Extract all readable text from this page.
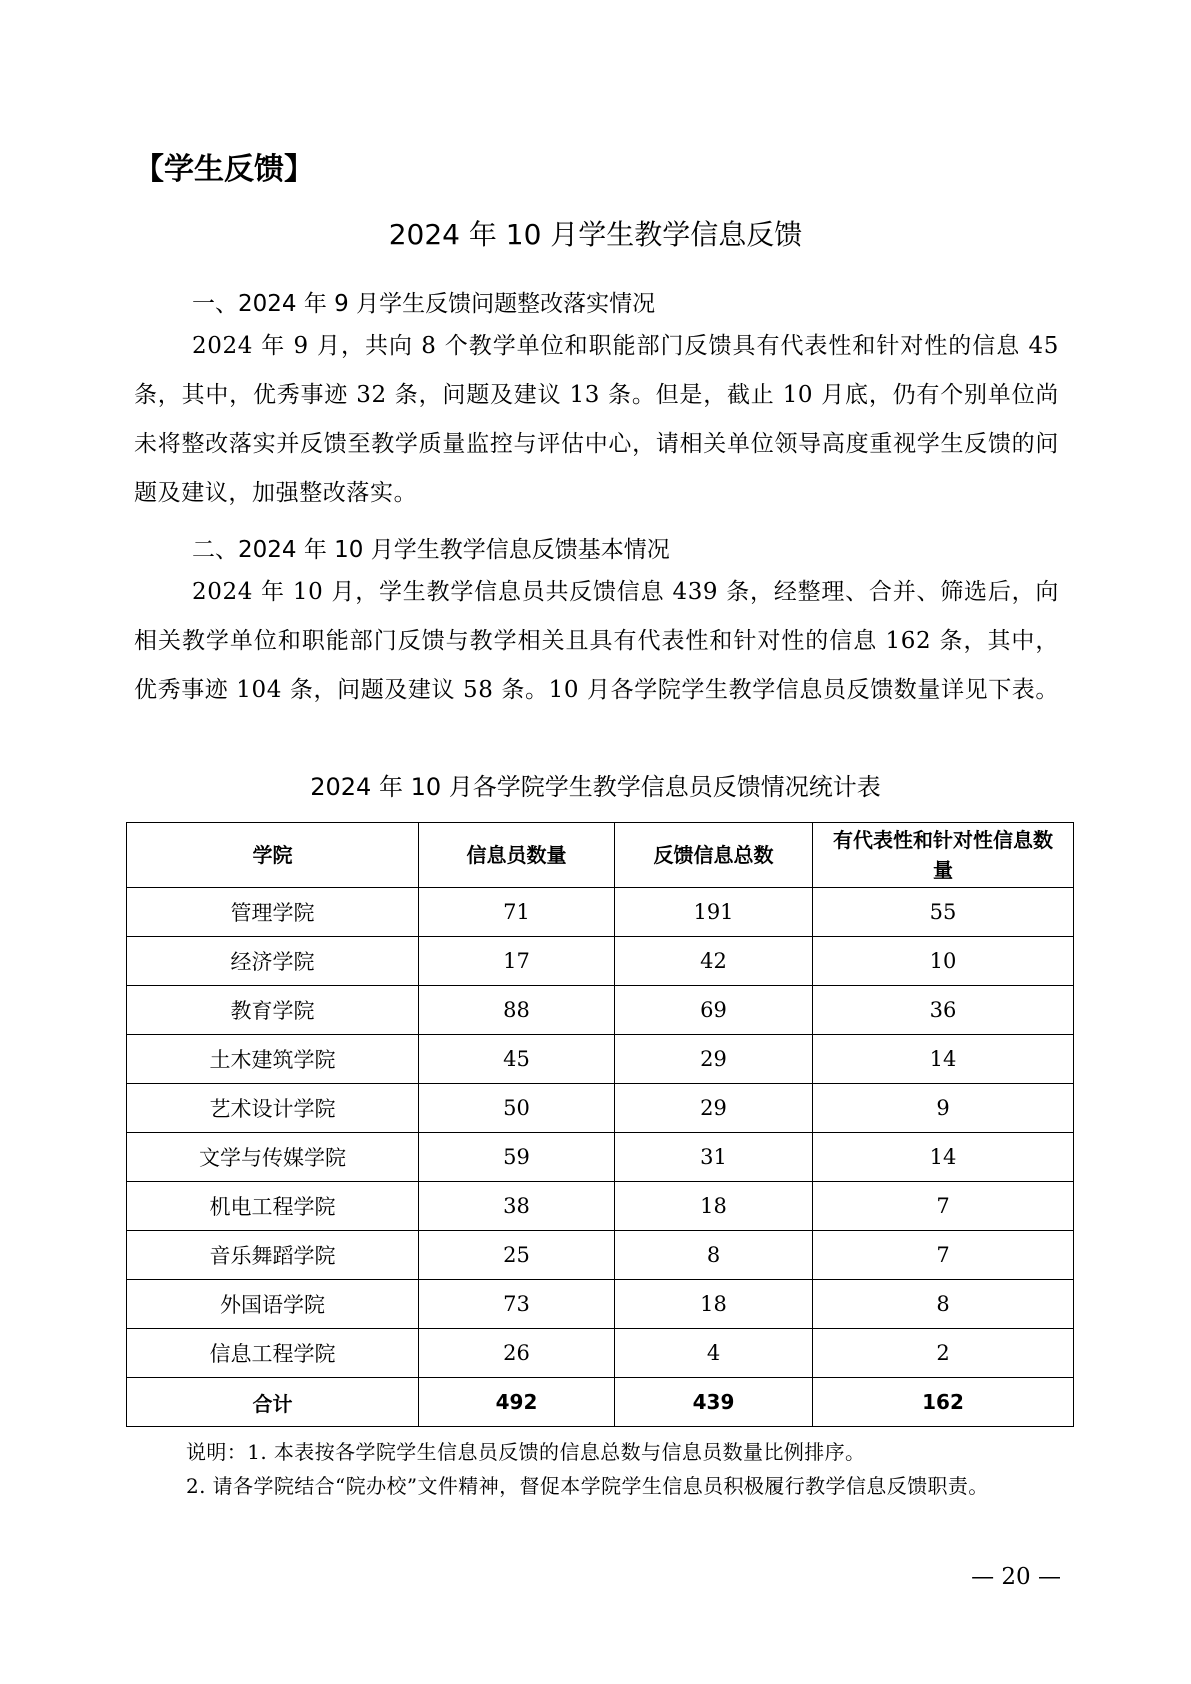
【学生反馈】
2024 年 10 月学生教学信息反馈
一、2024 年 9 月学生反馈问题整改落实情况
2024 年 9 月，共向 8 个教学单位和职能部门反馈具有代表性和针对性的信息 45 条，其中，优秀事迹 32 条，问题及建议 13 条。但是，截止 10 月底，仍有个别单位尚未将整改落实并反馈至教学质量监控与评估中心，请相关单位领导高度重视学生反馈的问题及建议，加强整改落实。
二、2024 年 10 月学生教学信息反馈基本情况
2024 年 10 月，学生教学信息员共反馈信息 439 条，经整理、合并、筛选后，向相关教学单位和职能部门反馈与教学相关且具有代表性和针对性的信息 162 条，其中，优秀事迹 104 条，问题及建议 58 条。10 月各学院学生教学信息员反馈数量详见下表。
2024 年 10 月各学院学生教学信息员反馈情况统计表
学院	信息员数量	反馈信息总数	有代表性和针对性信息数量
管理学院	71	191	55
经济学院	17	42	10
教育学院	88	69	36
土木建筑学院	45	29	14
艺术设计学院	50	29	9
文学与传媒学院	59	31	14
机电工程学院	38	18	7
音乐舞蹈学院	25	8	7
外国语学院	73	18	8
信息工程学院	26	4	2
合计	492	439	162
说明：1. 本表按各学院学生信息员反馈的信息总数与信息员数量比例排序。
2. 请各学院结合“院办校”文件精神，督促本学院学生信息员积极履行教学信息反馈职责。
— 20 —
